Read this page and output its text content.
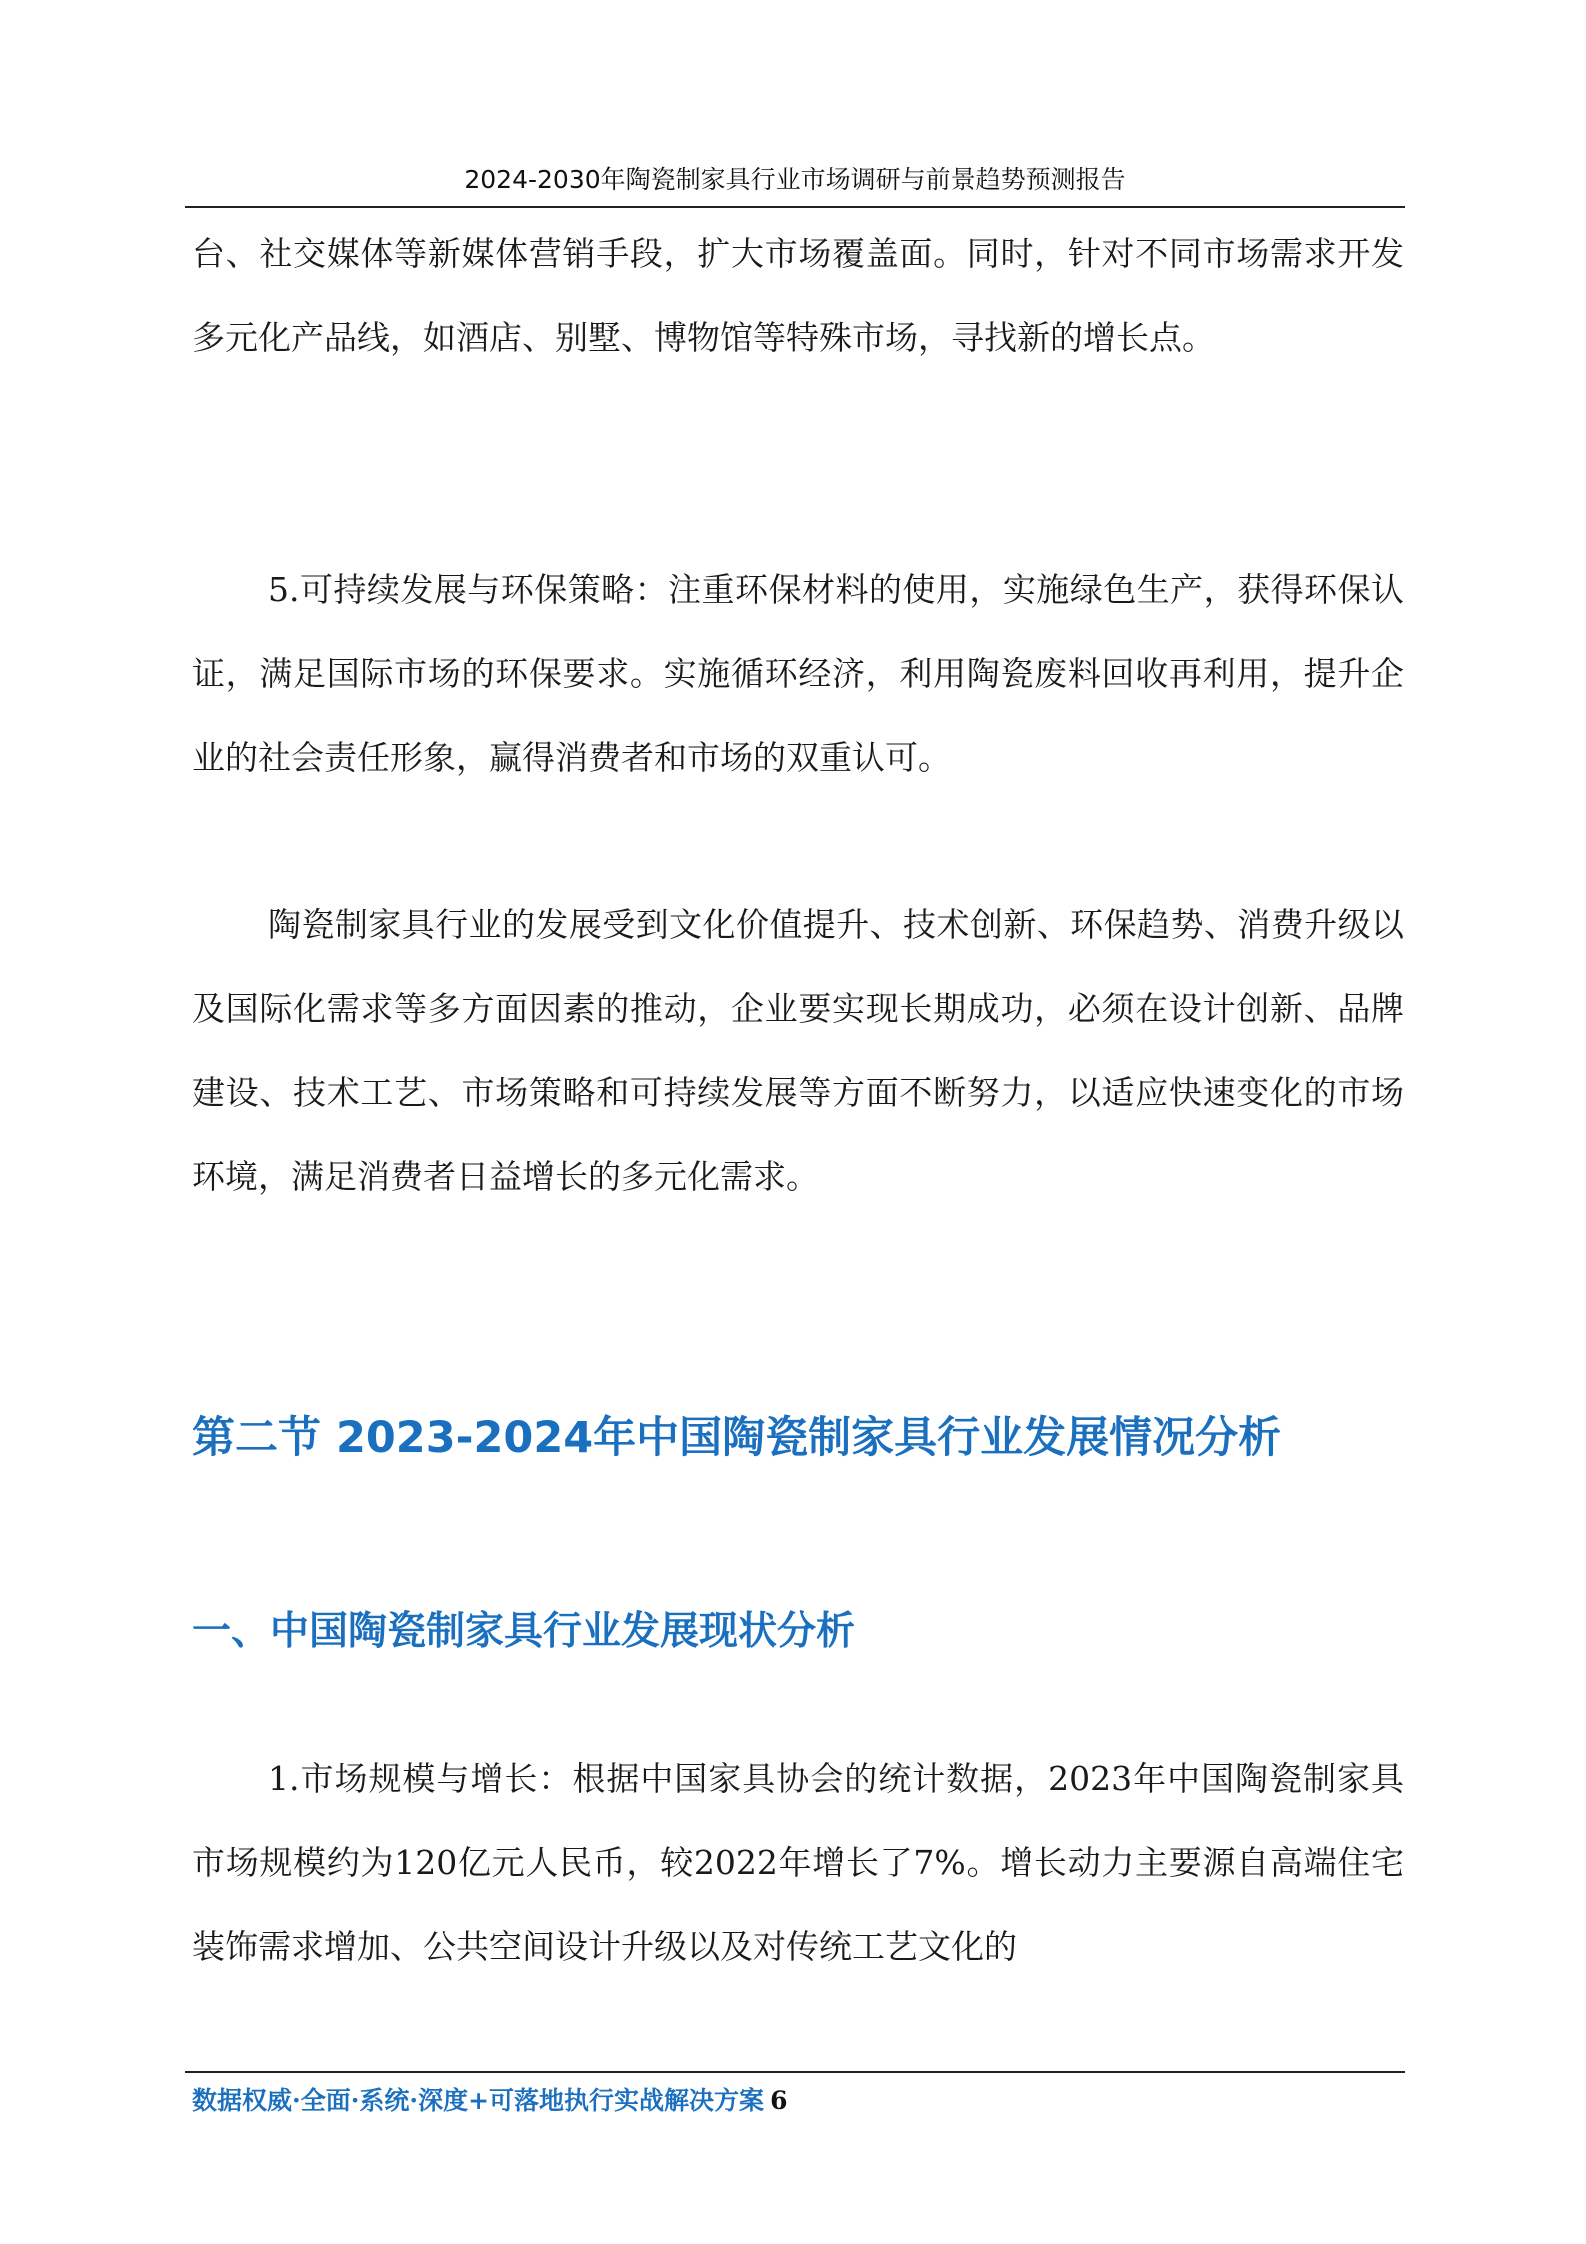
2024-2030年陶瓷制家具行业市场调研与前景趋势预测报告

台、社交媒体等新媒体营销手段，扩大市场覆盖面。同时，针对不同市场需求开发多元化产品线，如酒店、别墅、博物馆等特殊市场，寻找新的增长点。

5.可持续发展与环保策略：注重环保材料的使用，实施绿色生产，获得环保认证，满足国际市场的环保要求。实施循环经济，利用陶瓷废料回收再利用，提升企业的社会责任形象，赢得消费者和市场的双重认可。

陶瓷制家具行业的发展受到文化价值提升、技术创新、环保趋势、消费升级以及国际化需求等多方面因素的推动，企业要实现长期成功，必须在设计创新、品牌建设、技术工艺、市场策略和可持续发展等方面不断努力，以适应快速变化的市场环境，满足消费者日益增长的多元化需求。

第二节 2023-2024年中国陶瓷制家具行业发展情况分析
一、中国陶瓷制家具行业发展现状分析

1.市场规模与增长：根据中国家具协会的统计数据，2023年中国陶瓷制家具市场规模约为120亿元人民币，较2022年增长了7%。增长动力主要源自高端住宅装饰需求增加、公共空间设计升级以及对传统工艺文化的

数据权威·全面·系统·深度+可落地执行实战解决方案 6
